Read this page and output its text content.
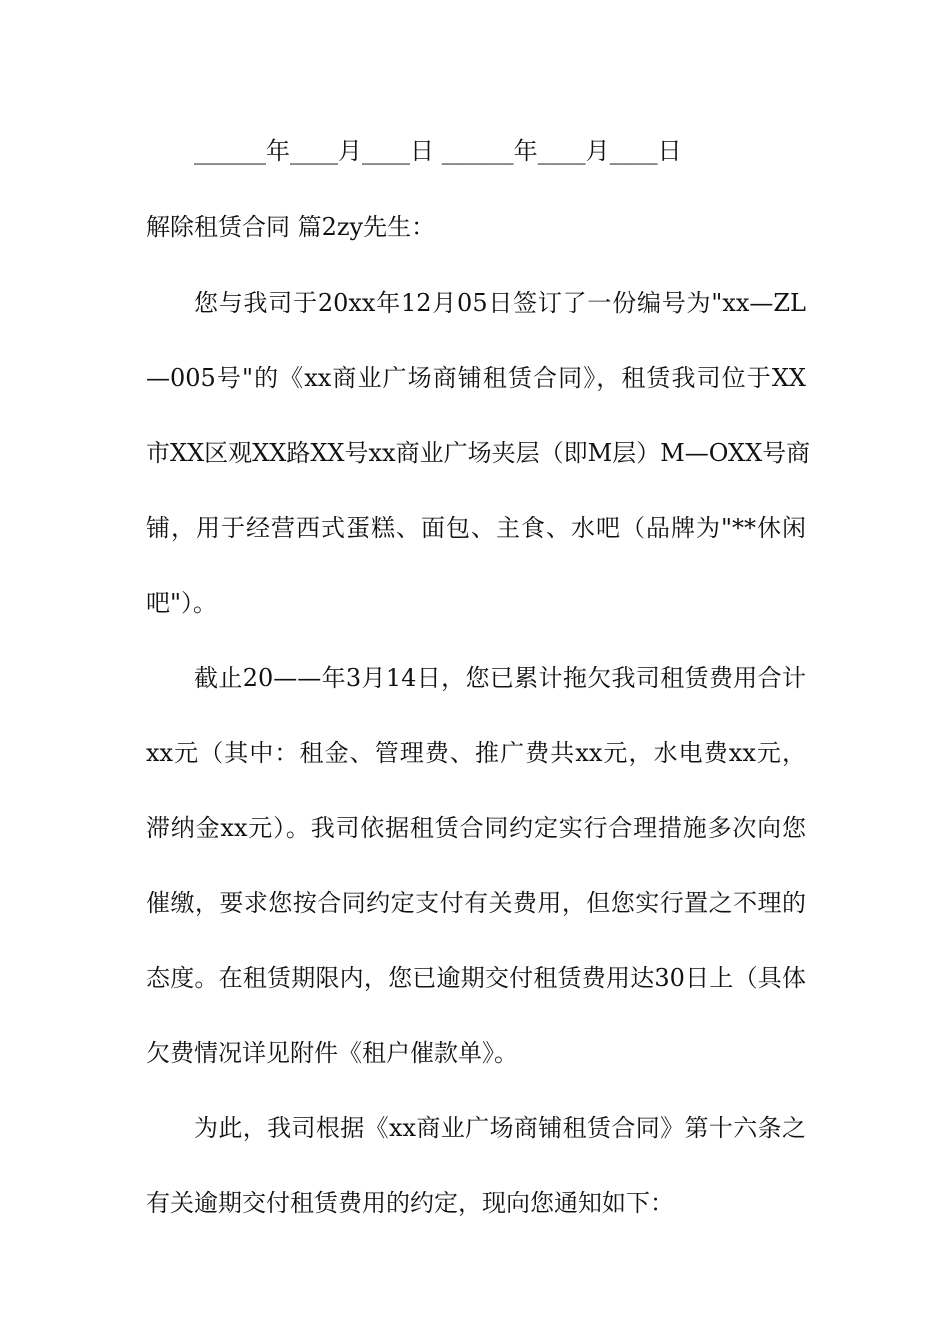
______年____月____日 ______年____月____日
解除租赁合同 篇2zy先生：
您与我司于20xx年12月05日签订了一份编号为"xx—ZL
—005号"的《xx商业广场商铺租赁合同》，租赁我司位于XX
市XX区观XX路XX号xx商业广场夹层（即M层）M—OXX号商
铺，用于经营西式蛋糕、面包、主食、水吧（品牌为"**休闲
吧"）。
截止20——年3月14日，您已累计拖欠我司租赁费用合计
xx元（其中：租金、管理费、推广费共xx元，水电费xx元，
滞纳金xx元）。我司依据租赁合同约定实行合理措施多次向您
催缴，要求您按合同约定支付有关费用，但您实行置之不理的
态度。在租赁期限内，您已逾期交付租赁费用达30日上（具体
欠费情况详见附件《租户催款单》。
为此，我司根据《xx商业广场商铺租赁合同》第十六条之
有关逾期交付租赁费用的约定，现向您通知如下：
